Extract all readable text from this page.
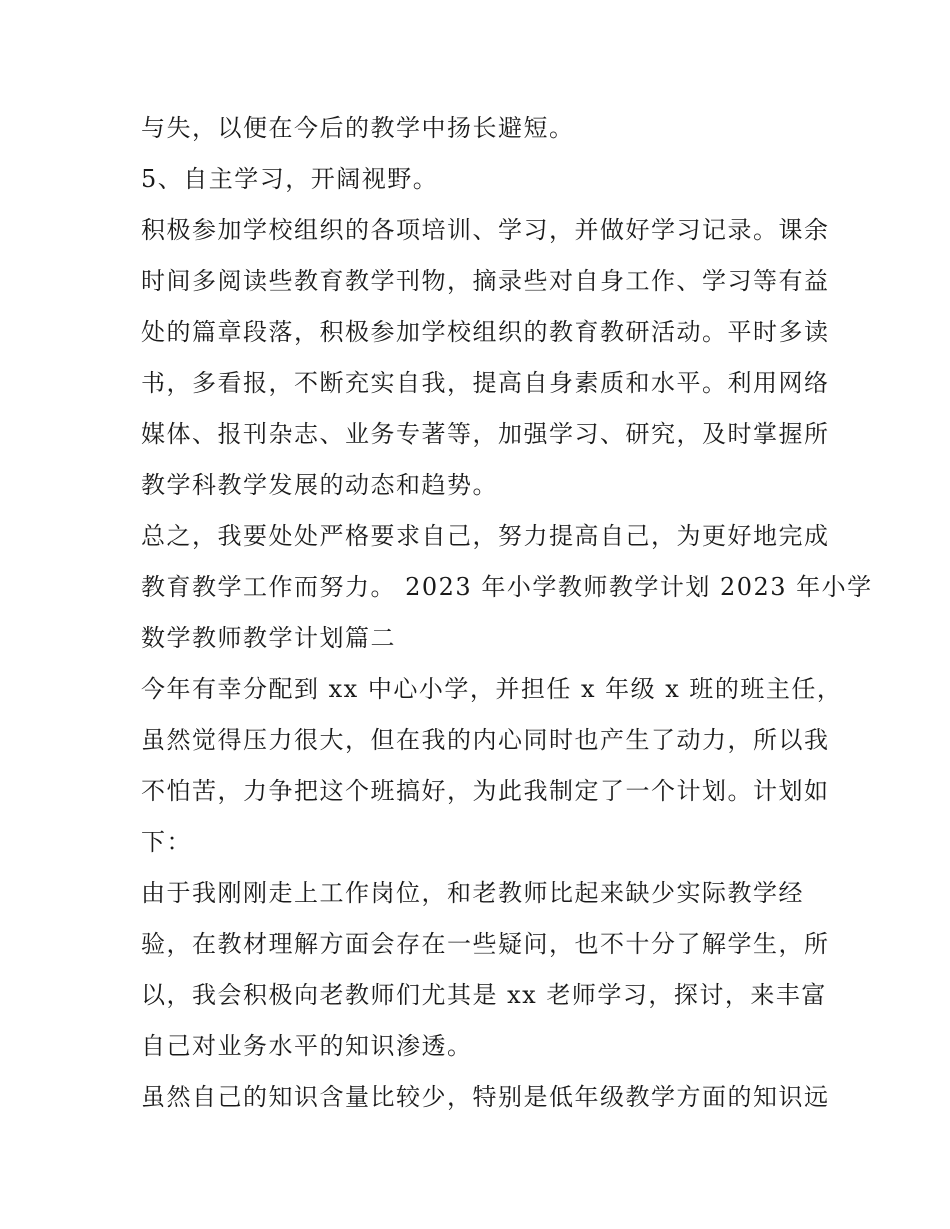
与失，以便在今后的教学中扬长避短。
5、自主学习，开阔视野。
积极参加学校组织的各项培训、学习，并做好学习记录。课余
时间多阅读些教育教学刊物，摘录些对自身工作、学习等有益
处的篇章段落，积极参加学校组织的教育教研活动。平时多读
书，多看报，不断充实自我，提高自身素质和水平。利用网络
媒体、报刊杂志、业务专著等，加强学习、研究，及时掌握所
教学科教学发展的动态和趋势。
总之，我要处处严格要求自己，努力提高自己，为更好地完成
教育教学工作而努力。 2023 年小学教师教学计划 2023 年小学
数学教师教学计划篇二
今年有幸分配到 xx 中心小学，并担任 x 年级 x 班的班主任，
虽然觉得压力很大，但在我的内心同时也产生了动力，所以我
不怕苦，力争把这个班搞好，为此我制定了一个计划。计划如
下：
由于我刚刚走上工作岗位，和老教师比起来缺少实际教学经
验，在教材理解方面会存在一些疑问，也不十分了解学生，所
以，我会积极向老教师们尤其是 xx 老师学习，探讨，来丰富
自己对业务水平的知识渗透。
虽然自己的知识含量比较少，特别是低年级教学方面的知识远
